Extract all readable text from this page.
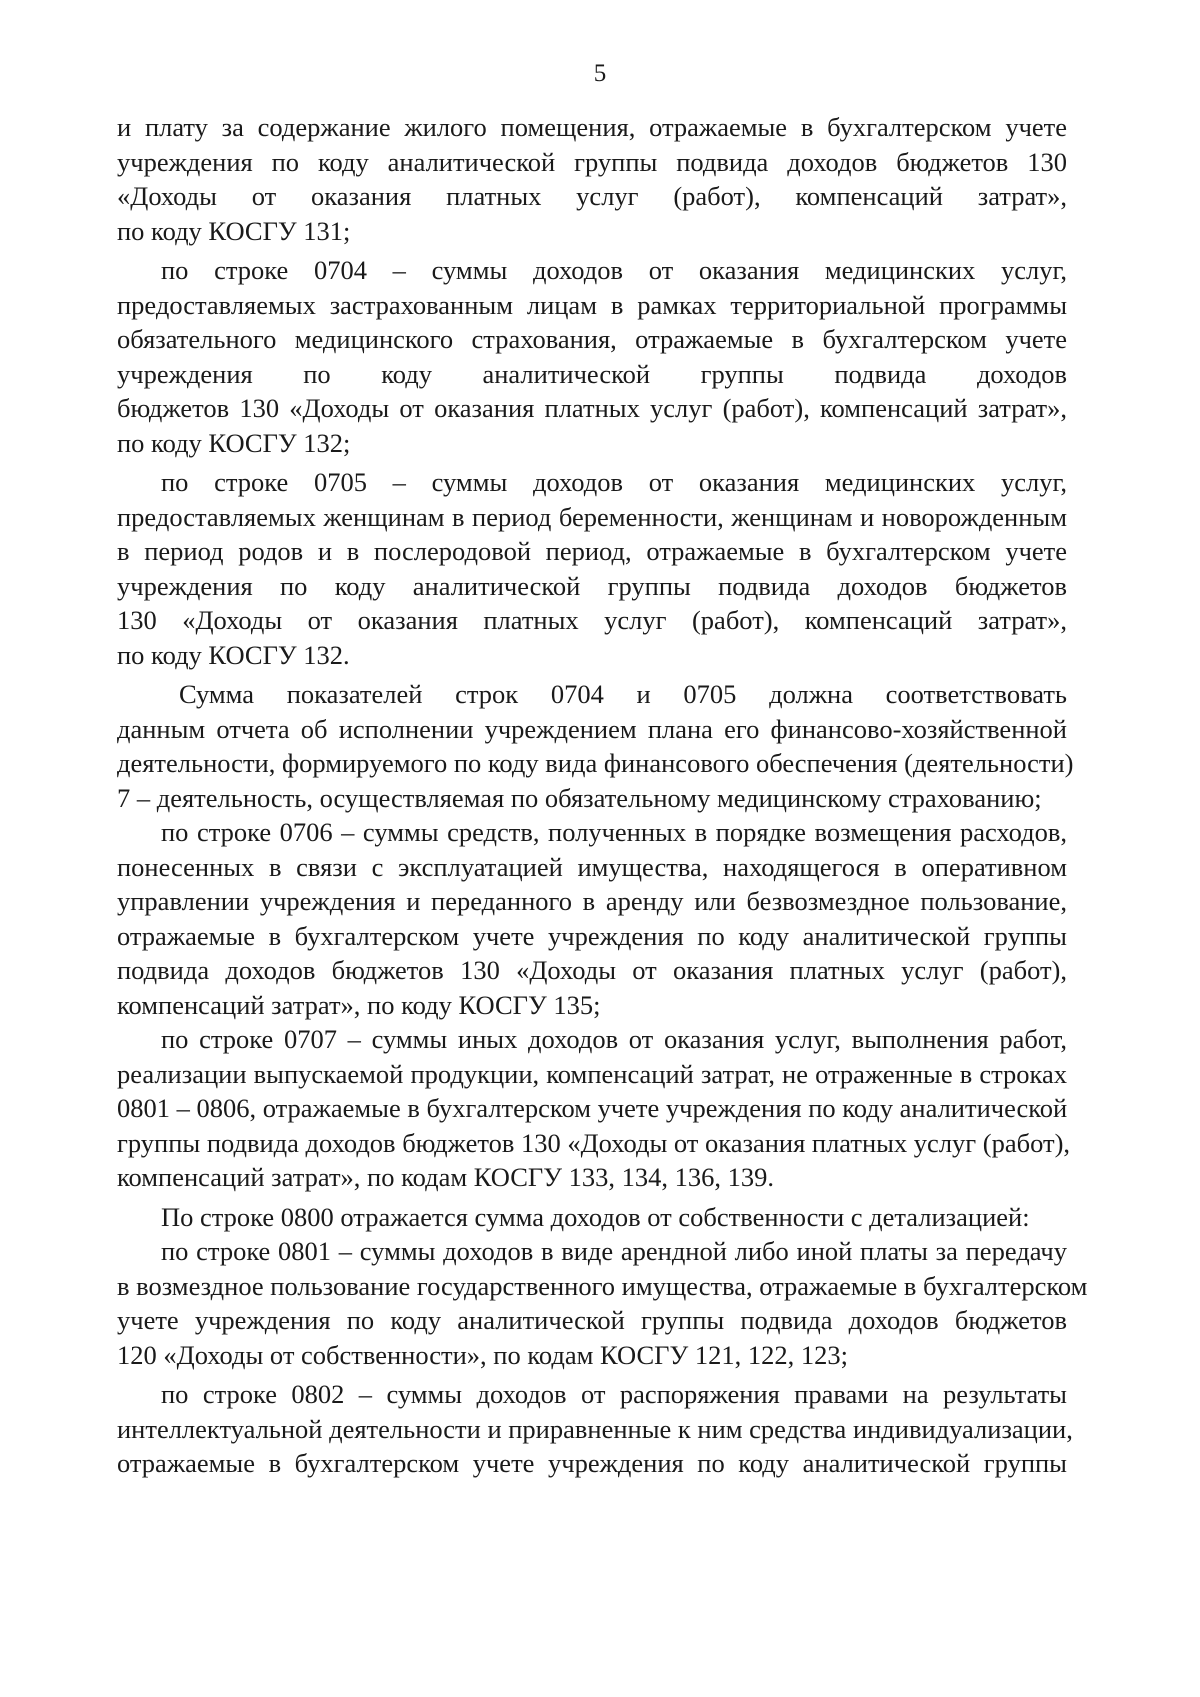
5
и плату за содержание жилого помещения, отражаемые в бухгалтерском учете
учреждения по коду аналитической группы подвида доходов бюджетов 130
«Доходы от оказания платных услуг (работ), компенсаций затрат»,
по коду КОСГУ 131;
по строке 0704 – суммы доходов от оказания медицинских услуг,
предоставляемых застрахованным лицам в рамках территориальной программы
обязательного медицинского страхования, отражаемые в бухгалтерском учете
учреждения по коду аналитической группы подвида доходов
бюджетов 130 «Доходы от оказания платных услуг (работ), компенсаций затрат»,
по коду КОСГУ 132;
по строке 0705 – суммы доходов от оказания медицинских услуг,
предоставляемых женщинам в период беременности, женщинам и новорожденным
в период родов и в послеродовой период, отражаемые в бухгалтерском учете
учреждения по коду аналитической группы подвида доходов бюджетов
130 «Доходы от оказания платных услуг (работ), компенсаций затрат»,
по коду КОСГУ 132.
Сумма показателей строк 0704 и 0705 должна соответствовать
данным отчета об исполнении учреждением плана его финансово-хозяйственной
деятельности, формируемого по коду вида финансового обеспечения (деятельности)
7 – деятельность, осуществляемая по обязательному медицинскому страхованию;
по строке 0706 – суммы средств, полученных в порядке возмещения расходов,
понесенных в связи с эксплуатацией имущества, находящегося в оперативном
управлении учреждения и переданного в аренду или безвозмездное пользование,
отражаемые в бухгалтерском учете учреждения по коду аналитической группы
подвида доходов бюджетов 130 «Доходы от оказания платных услуг (работ),
компенсаций затрат», по коду КОСГУ 135;
по строке 0707 – суммы иных доходов от оказания услуг, выполнения работ,
реализации выпускаемой продукции, компенсаций затрат, не отраженные в строках
0801 – 0806, отражаемые в бухгалтерском учете учреждения по коду аналитической
группы подвида доходов бюджетов 130 «Доходы от оказания платных услуг (работ),
компенсаций затрат», по кодам КОСГУ 133, 134, 136, 139.
По строке 0800 отражается сумма доходов от собственности с детализацией:
по строке 0801 – суммы доходов в виде арендной либо иной платы за передачу
в возмездное пользование государственного имущества, отражаемые в бухгалтерском
учете учреждения по коду аналитической группы подвида доходов бюджетов
120 «Доходы от собственности», по кодам КОСГУ 121, 122, 123;
по строке 0802 – суммы доходов от распоряжения правами на результаты
интеллектуальной деятельности и приравненные к ним средства индивидуализации,
отражаемые в бухгалтерском учете учреждения по коду аналитической группы
